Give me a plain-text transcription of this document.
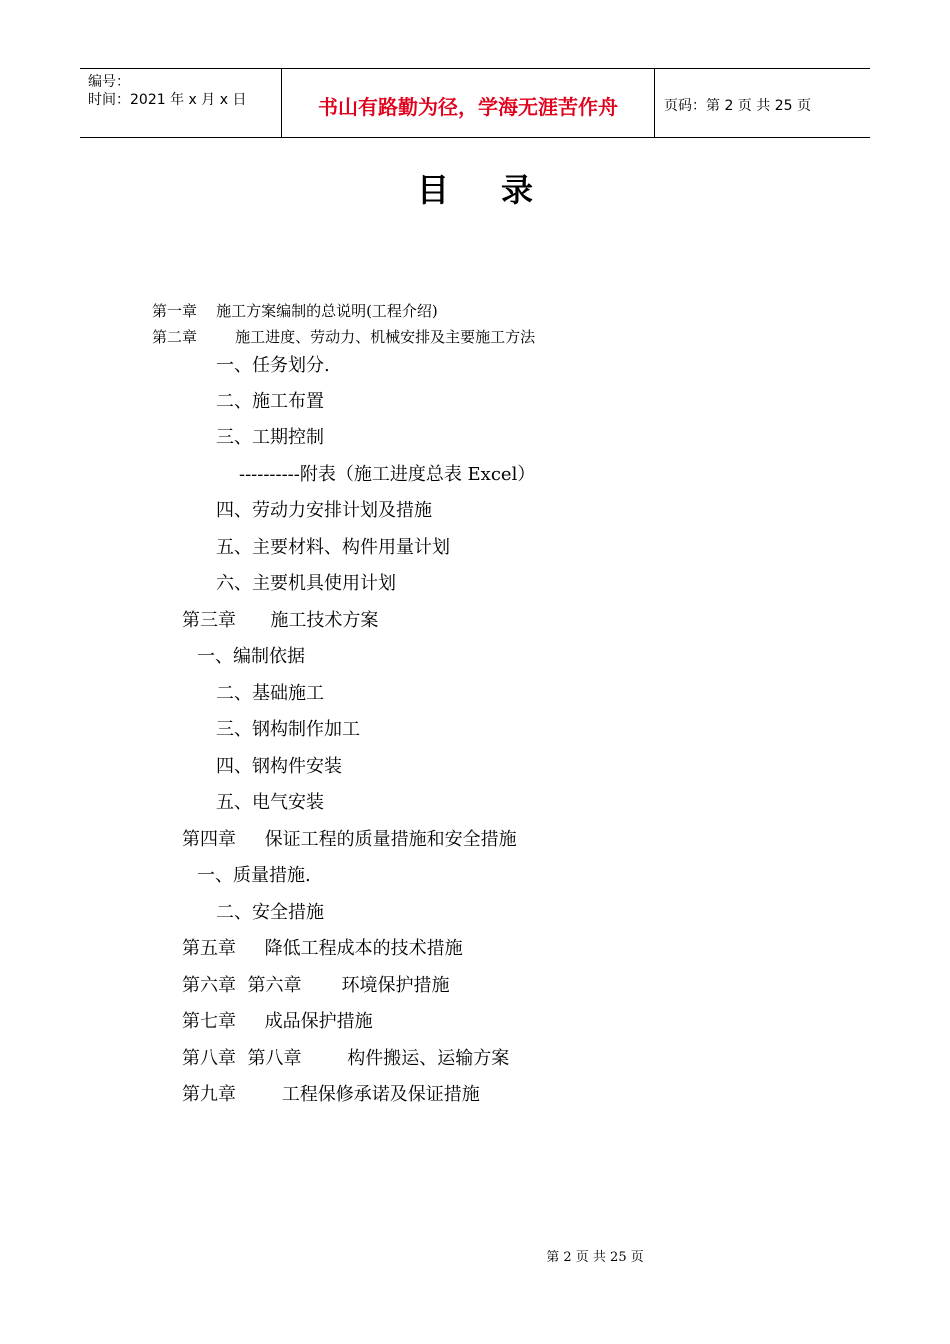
编号：
时间：2021 年 x 月 x 日	书山有路勤为径，学海无涯苦作舟	页码：第 2 页 共 25 页
目录
第一章    施工方案编制的总说明(工程介绍)
第二章        施工进度、劳动力、机械安排及主要施工方法
一、任务划分.
二、施工布置
三、工期控制
----------附表（施工进度总表 Excel）
四、劳动力安排计划及措施
五、主要材料、构件用量计划
六、主要机具使用计划
第三章      施工技术方案
一、编制依据
二、基础施工
三、钢构制作加工
四、钢构件安装
五、电气安装
第四章     保证工程的质量措施和安全措施
一、质量措施.
二、安全措施
第五章     降低工程成本的技术措施
第六章  第六章       环境保护措施
第七章     成品保护措施
第八章  第八章        构件搬运、运输方案
第九章        工程保修承诺及保证措施
第 2 页 共 25 页
